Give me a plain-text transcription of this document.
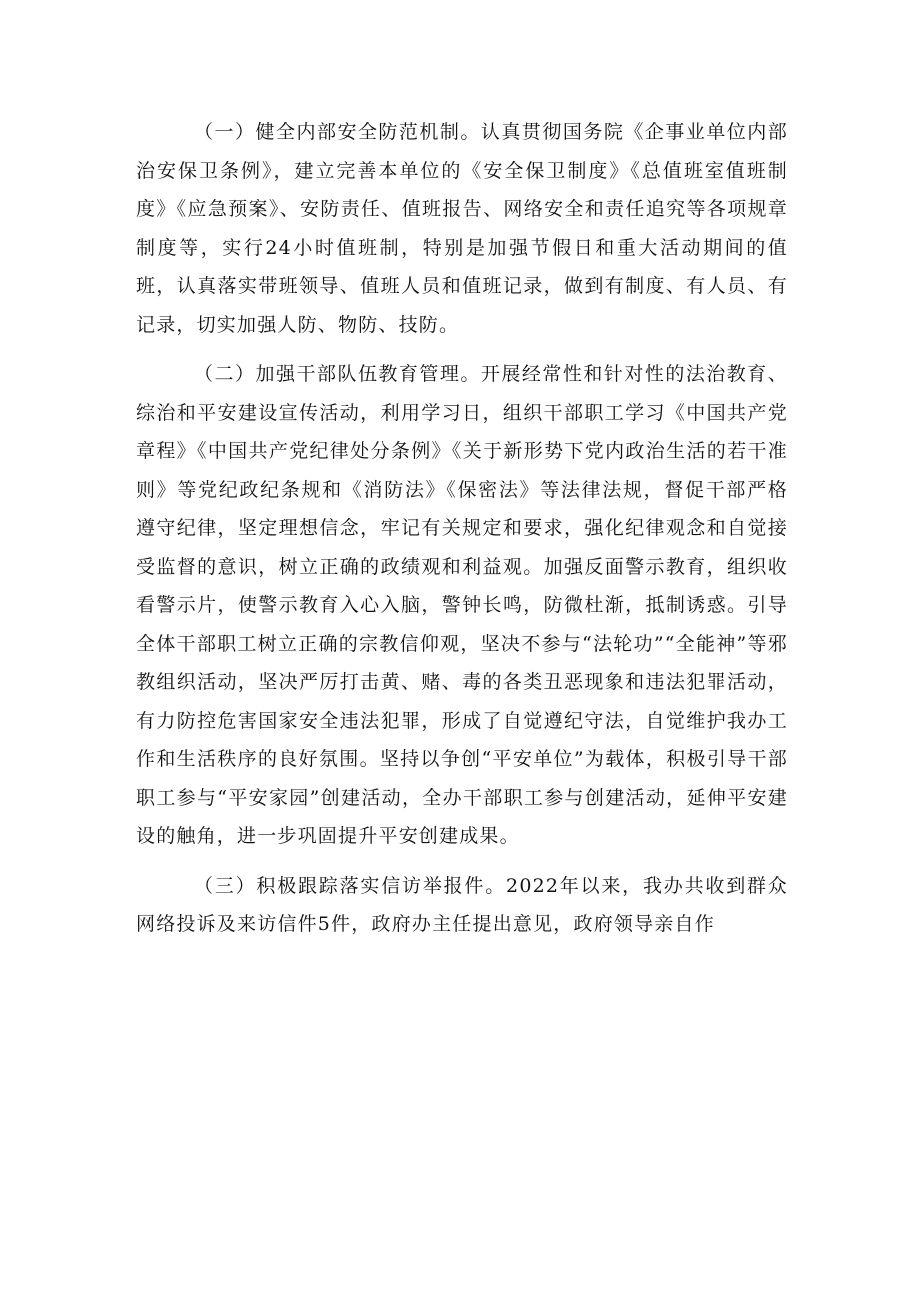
（一）健全内部安全防范机制。认真贯彻国务院《企事业单位内部治安保卫条例》，建立完善本单位的《安全保卫制度》《总值班室值班制度》《应急预案》、安防责任、值班报告、网络安全和责任追究等各项规章制度等，实行24小时值班制，特别是加强节假日和重大活动期间的值班，认真落实带班领导、值班人员和值班记录，做到有制度、有人员、有记录，切实加强人防、物防、技防。

（二）加强干部队伍教育管理。开展经常性和针对性的法治教育、综治和平安建设宣传活动，利用学习日，组织干部职工学习《中国共产党章程》《中国共产党纪律处分条例》《关于新形势下党内政治生活的若干准则》等党纪政纪条规和《消防法》《保密法》等法律法规，督促干部严格遵守纪律，坚定理想信念，牢记有关规定和要求，强化纪律观念和自觉接受监督的意识，树立正确的政绩观和利益观。加强反面警示教育，组织收看警示片，使警示教育入心入脑，警钟长鸣，防微杜渐，抵制诱惑。引导全体干部职工树立正确的宗教信仰观，坚决不参与“法轮功”“全能神”等邪教组织活动，坚决严厉打击黄、赌、毒的各类丑恶现象和违法犯罪活动，有力防控危害国家安全违法犯罪，形成了自觉遵纪守法，自觉维护我办工作和生活秩序的良好氛围。坚持以争创“平安单位”为载体，积极引导干部职工参与“平安家园”创建活动，全办干部职工参与创建活动，延伸平安建设的触角，进一步巩固提升平安创建成果。

（三）积极跟踪落实信访举报件。2022年以来，我办共收到群众网络投诉及来访信件5件，政府办主任提出意见，政府领导亲自作
